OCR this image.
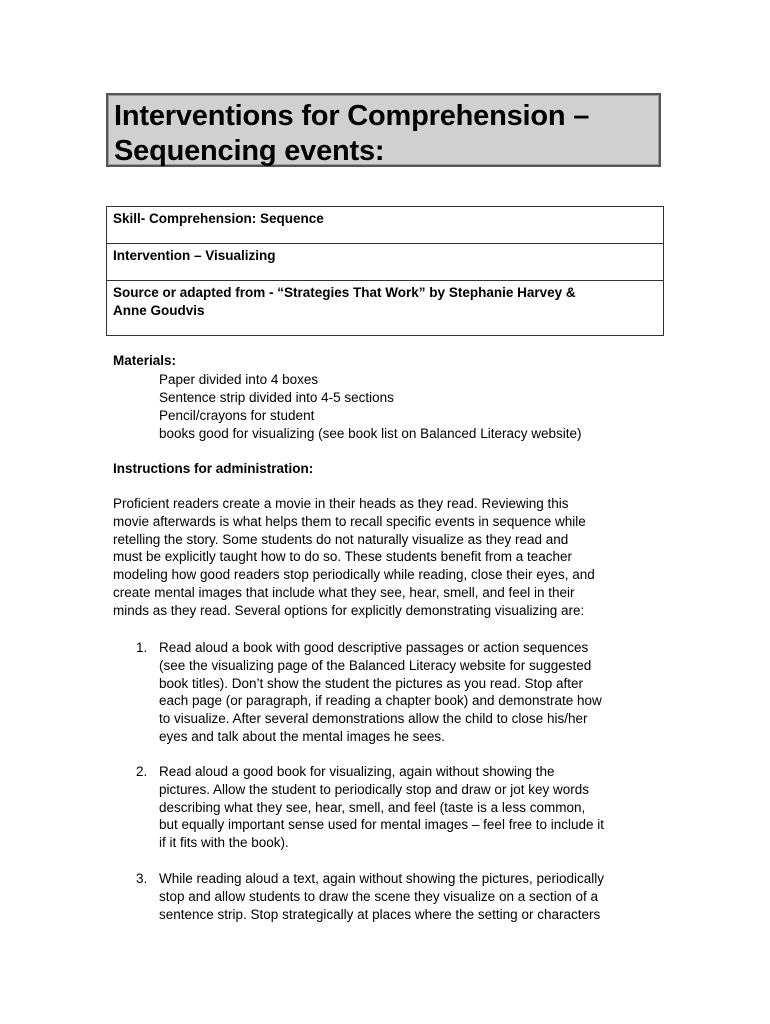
Interventions for Comprehension –
Sequencing events:
Skill- Comprehension: Sequence
Intervention – Visualizing
Source or adapted from - “Strategies That Work” by Stephanie Harvey &
Anne Goudvis
Materials:
Paper divided into 4 boxes
Sentence strip divided into 4-5 sections
Pencil/crayons for student
books good for visualizing (see book list on Balanced Literacy website)
Instructions for administration:
Proficient readers create a movie in their heads as they read. Reviewing this
movie afterwards is what helps them to recall specific events in sequence while
retelling the story. Some students do not naturally visualize as they read and
must be explicitly taught how to do so. These students benefit from a teacher
modeling how good readers stop periodically while reading, close their eyes, and
create mental images that include what they see, hear, smell, and feel in their
minds as they read. Several options for explicitly demonstrating visualizing are:
1. Read aloud a book with good descriptive passages or action sequences
(see the visualizing page of the Balanced Literacy website for suggested
book titles). Don’t show the student the pictures as you read. Stop after
each page (or paragraph, if reading a chapter book) and demonstrate how
to visualize. After several demonstrations allow the child to close his/her
eyes and talk about the mental images he sees.
2. Read aloud a good book for visualizing, again without showing the
pictures. Allow the student to periodically stop and draw or jot key words
describing what they see, hear, smell, and feel (taste is a less common,
but equally important sense used for mental images – feel free to include it
if it fits with the book).
3. While reading aloud a text, again without showing the pictures, periodically
stop and allow students to draw the scene they visualize on a section of a
sentence strip. Stop strategically at places where the setting or characters
